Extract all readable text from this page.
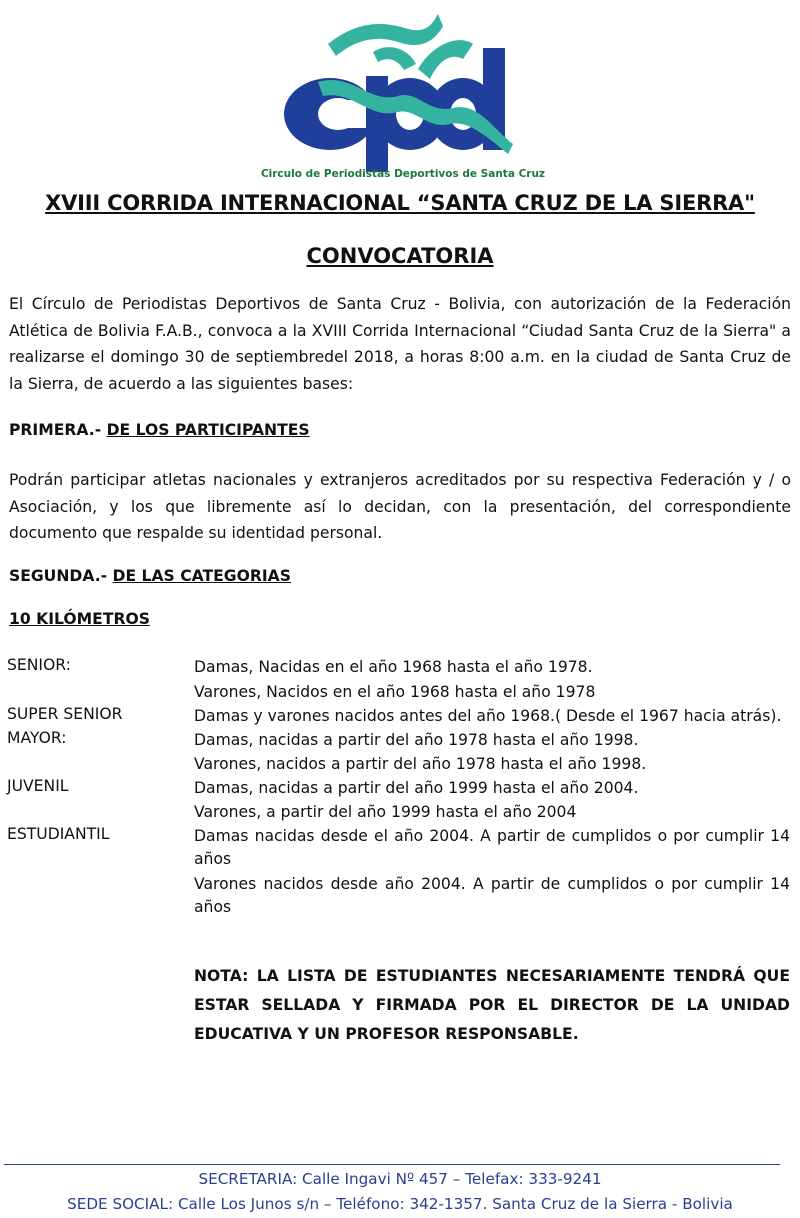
Circulo de Periodistas Deportivos de Santa Cruz
XVIII CORRIDA INTERNACIONAL “SANTA CRUZ DE LA SIERRA"
CONVOCATORIA

El Círculo de Periodistas Deportivos de Santa Cruz - Bolivia, con autorización de la Federación Atlética de Bolivia F.A.B., convoca a la XVIII Corrida Internacional “Ciudad Santa Cruz de la Sierra" a realizarse el domingo 30 de septiembredel 2018, a horas 8:00 a.m. en la ciudad de Santa Cruz de la Sierra, de acuerdo a las siguientes bases:

PRIMERA.- DE LOS PARTICIPANTES

Podrán participar atletas nacionales y extranjeros acreditados por su respectiva Federación y / o Asociación, y los que libremente así lo decidan, con la presentación, del correspondiente documento que respalde su identidad personal.

SEGUNDA.- DE LAS CATEGORIAS
10 KILÓMETROS
SENIOR:	Damas, Nacidas en el año 1968 hasta el año 1978.
Varones, Nacidos en el año 1968 hasta el año 1978
SUPER SENIOR	Damas y varones nacidos antes del año 1968.( Desde el 1967 hacia atrás).
MAYOR:	Damas, nacidas a partir del año 1978 hasta el año 1998.
Varones, nacidos a partir del año 1978 hasta el año 1998.
JUVENIL	Damas, nacidas a partir del año 1999 hasta el año 2004.
Varones, a partir del año 1999 hasta el año 2004
ESTUDIANTIL	Damas nacidas desde el año 2004. A partir de cumplidos o por cumplir 14 años
Varones nacidos desde año 2004. A partir de cumplidos o por cumplir 14 años
NOTA: LA LISTA DE ESTUDIANTES NECESARIAMENTE TENDRÁ QUE ESTAR SELLADA Y FIRMADA POR EL DIRECTOR DE LA UNIDAD EDUCATIVA Y UN PROFESOR RESPONSABLE.
SECRETARIA: Calle Ingavi Nº 457 – Telefax: 333-9241
SEDE SOCIAL: Calle Los Junos s/n – Teléfono: 342-1357. Santa Cruz de la Sierra - Bolivia
